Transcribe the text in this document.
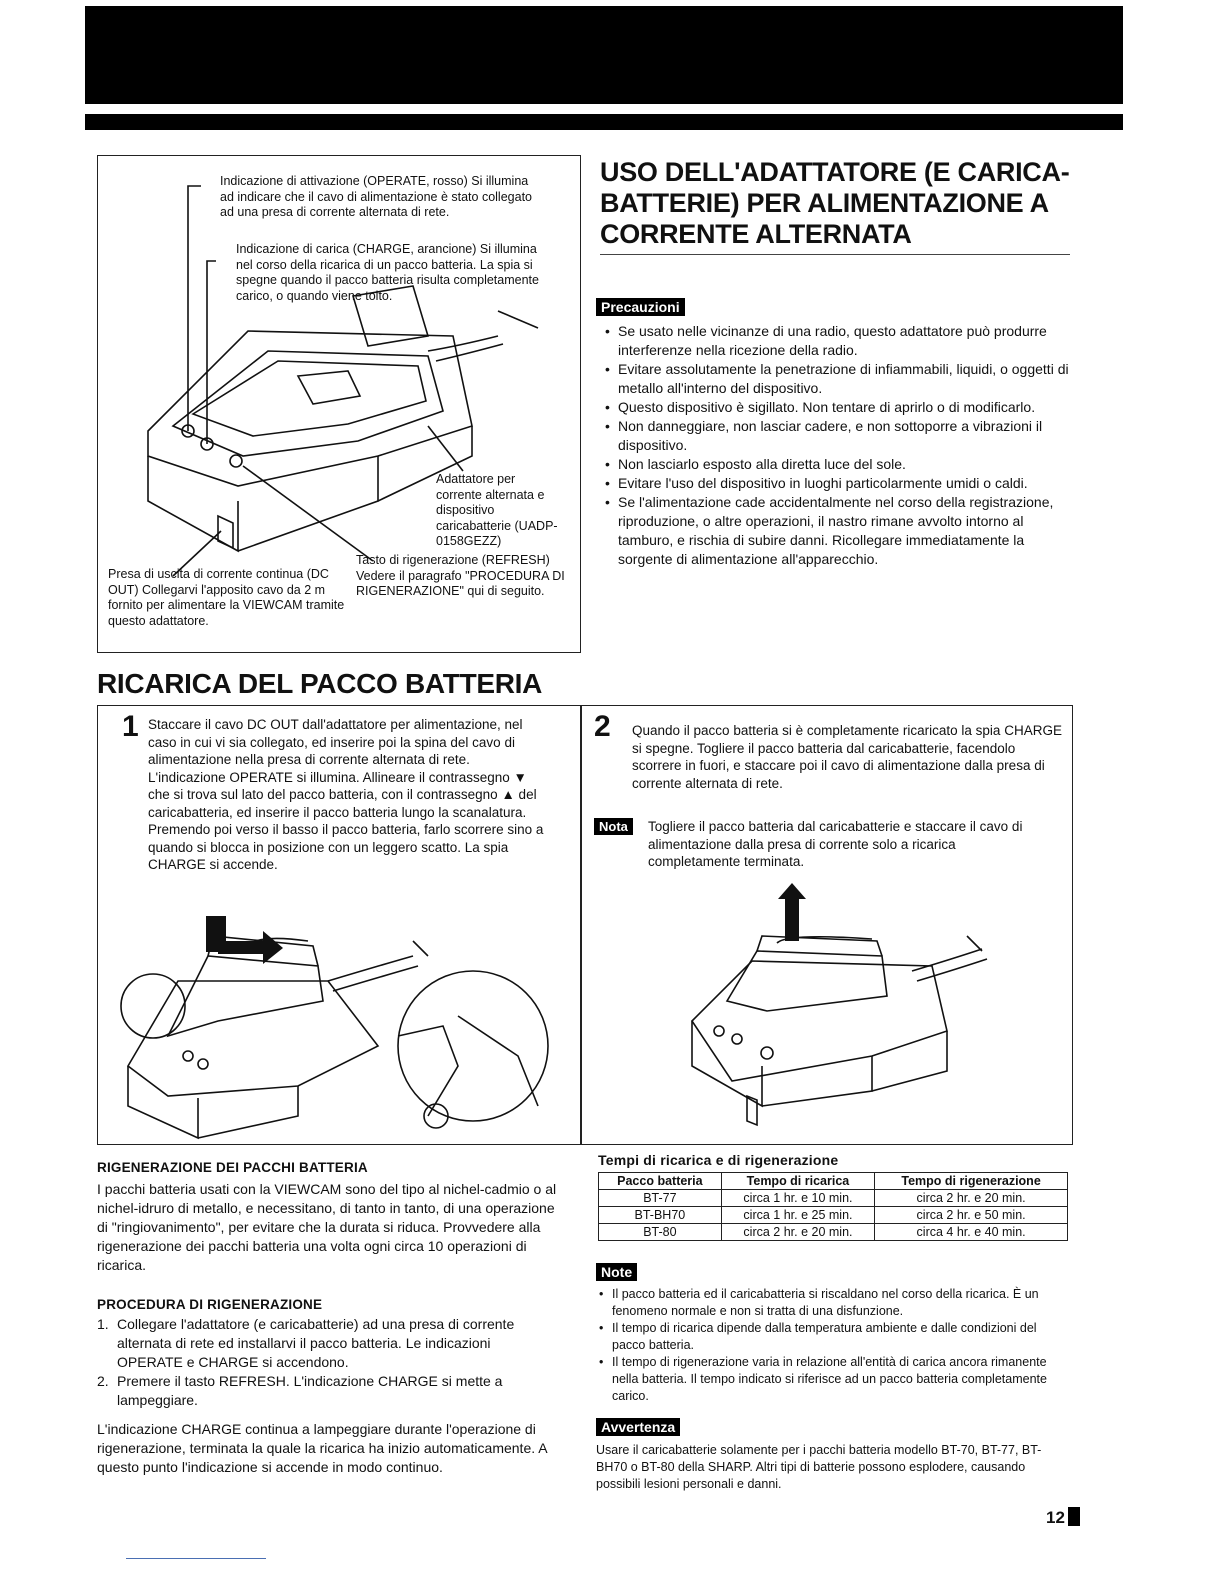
Indicazione di attivazione (OPERATE, rosso) Si illumina ad indicare che il cavo di alimentazione è stato collegato ad una presa di corrente alternata di rete.
Indicazione di carica (CHARGE, arancione) Si illumina nel corso della ricarica di un pacco batteria. La spia si spegne quando il pacco batteria risulta completamente carico, o quando viene tolto.
Adattatore per corrente alternata e dispositivo caricabatterie (UADP-0158GEZZ)
Tasto di rigenerazione (REFRESH) Vedere il paragrafo "PROCEDURA DI RIGENERAZIONE" qui di seguito.
Presa di uscita di corrente continua (DC OUT) Collegarvi l'apposito cavo da 2 m fornito per alimentare la VIEWCAM tramite questo adattatore.
USO DELL'ADATTATORE (E CARICA-BATTERIE) PER ALIMENTAZIONE A CORRENTE ALTERNATA
Precauzioni
• Se usato nelle vicinanze di una radio, questo adattatore può produrre interferenze nella ricezione della radio.
• Evitare assolutamente la penetrazione di infiammabili, liquidi, o oggetti di metallo all'interno del dispositivo.
• Questo dispositivo è sigillato. Non tentare di aprirlo o di modificarlo.
• Non danneggiare, non lasciar cadere, e non sottoporre a vibrazioni il dispositivo.
• Non lasciarlo esposto alla diretta luce del sole.
• Evitare l'uso del dispositivo in luoghi particolarmente umidi o caldi.
• Se l'alimentazione cade accidentalmente nel corso della registrazione, riproduzione, o altre operazioni, il nastro rimane avvolto intorno al tamburo, e rischia di subire danni. Ricollegare immediatamente la sorgente di alimentazione all'apparecchio.
RICARICA DEL PACCO BATTERIA
1 Staccare il cavo DC OUT dall'adattatore per alimentazione, nel caso in cui vi sia collegato, ed inserire poi la spina del cavo di alimentazione nella presa di corrente alternata di rete. L'indicazione OPERATE si illumina. Allineare il contrassegno ▼ che si trova sul lato del pacco batteria, con il contrassegno ▲ del caricabatteria, ed inserire il pacco batteria lungo la scanalatura. Premendo poi verso il basso il pacco batteria, farlo scorrere sino a quando si blocca in posizione con un leggero scatto. La spia CHARGE si accende.
2 Quando il pacco batteria si è completamente ricaricato la spia CHARGE si spegne. Togliere il pacco batteria dal caricabatterie, facendolo scorrere in fuori, e staccare poi il cavo di alimentazione dalla presa di corrente alternata di rete.
Nota	Togliere il pacco batteria dal caricabatterie e staccare il cavo di alimentazione dalla presa di corrente solo a ricarica completamente terminata.
RIGENERAZIONE DEI PACCHI BATTERIA
I pacchi batteria usati con la VIEWCAM sono del tipo al nichel-cadmio o al nichel-idruro di metallo, e necessitano, di tanto in tanto, di una operazione di "ringiovanimento", per evitare che la durata si riduca. Provvedere alla rigenerazione dei pacchi batteria una volta ogni circa 10 operazioni di ricarica.
PROCEDURA DI RIGENERAZIONE
1. Collegare l'adattatore (e caricabatterie) ad una presa di corrente alternata di rete ed installarvi il pacco batteria. Le indicazioni OPERATE e CHARGE si accendono.
2. Premere il tasto REFRESH. L'indicazione CHARGE si mette a lampeggiare.
L'indicazione CHARGE continua a lampeggiare durante l'operazione di rigenerazione, terminata la quale la ricarica ha inizio automaticamente. A questo punto l'indicazione si accende in modo continuo.
Tempi di ricarica e di rigenerazione
Pacco batteria	Tempo di ricarica	Tempo di rigenerazione
BT-77	circa 1 hr. e 10 min.	circa 2 hr. e 20 min.
BT-BH70	circa 1 hr. e 25 min.	circa 2 hr. e 50 min.
BT-80	circa 2 hr. e 20 min.	circa 4 hr. e 40 min.
Note
• Il pacco batteria ed il caricabatteria si riscaldano nel corso della ricarica. È un fenomeno normale e non si tratta di una disfunzione.
• Il tempo di ricarica dipende dalla temperatura ambiente e dalle condizioni del pacco batteria.
• Il tempo di rigenerazione varia in relazione all'entità di carica ancora rimanente nella batteria. Il tempo indicato si riferisce ad un pacco batteria completamente carico.
Avvertenza
Usare il caricabatterie solamente per i pacchi batteria modello BT-70, BT-77, BT-BH70 o BT-80 della SHARP. Altri tipi di batterie possono esplodere, causando possibili lesioni personali e danni.
12
